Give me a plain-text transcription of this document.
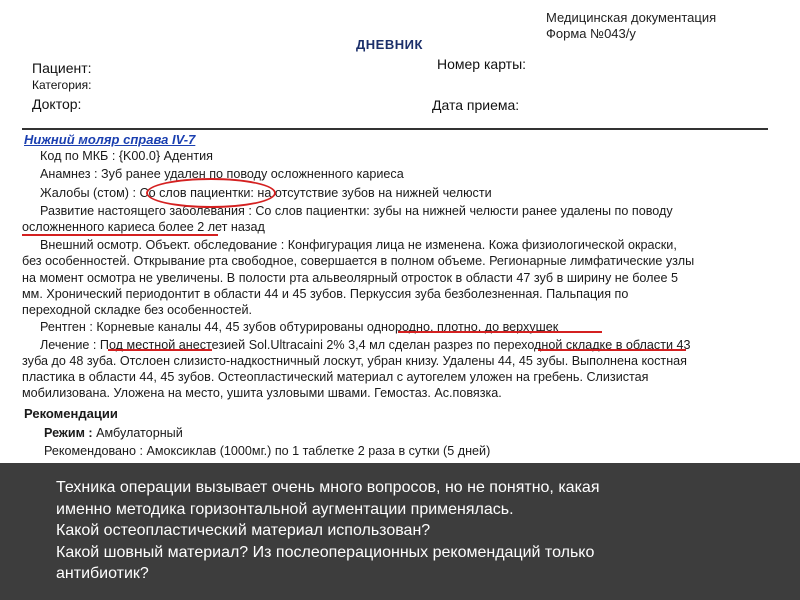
Медицинская документация
Форма №043/у
ДНЕВНИК
Пациент:
Категория:
Доктор:
Номер карты:
Дата приема:
Нижний моляр справа IV-7
Код по МКБ : {K00.0} Адентия
Анамнез : Зуб ранее удален по поводу осложненного кариеса
Жалобы (стом) : Со слов пациентки: на отсутствие зубов на нижней челюсти
Развитие настоящего заболевания : Со слов пациентки: зубы на нижней челюсти ранее удалены по поводу
осложненного кариеса более 2 лет назад
Внешний осмотр. Объект. обследование : Конфигурация лица не изменена. Кожа физиологической окраски,
без особенностей. Открывание рта свободное, совершается в полном объеме. Регионарные лимфатические узлы
на момент осмотра не увеличены. В полости рта альвеолярный отросток в области 47 зуб в ширину не более 5
мм. Хронический периодонтит в области 44 и 45 зубов. Перкуссия зуба безболезненная. Пальпация по
переходной складке без особенностей.
Рентген : Корневые каналы 44, 45 зубов обтурированы однородно, плотно, до верхушек
Лечение : Под местной анестезией Sol.Ultracaini 2% 3,4 мл сделан разрез по переходной складке в области 43
зуба до 48 зуба. Отслоен слизисто-надкостничный лоскут, убран книзу. Удалены 44, 45 зубы. Выполнена костная
пластика в области 44, 45 зубов. Остеопластический материал с аутогелем уложен на гребень. Слизистая
мобилизована. Уложена на место, ушита узловыми швами. Гемостаз. Ас.повязка.
Рекомендации
Режим : Амбулаторный
Рекомендовано : Амоксиклав (1000мг.) по 1 таблетке 2 раза в сутки (5 дней)
Техника операции вызывает очень много вопросов, но не понятно, какая
именно методика горизонтальной аугментации применялась.
Какой остеопластический материал использован?
Какой шовный материал? Из послеоперационных рекомендаций только
антибиотик?
